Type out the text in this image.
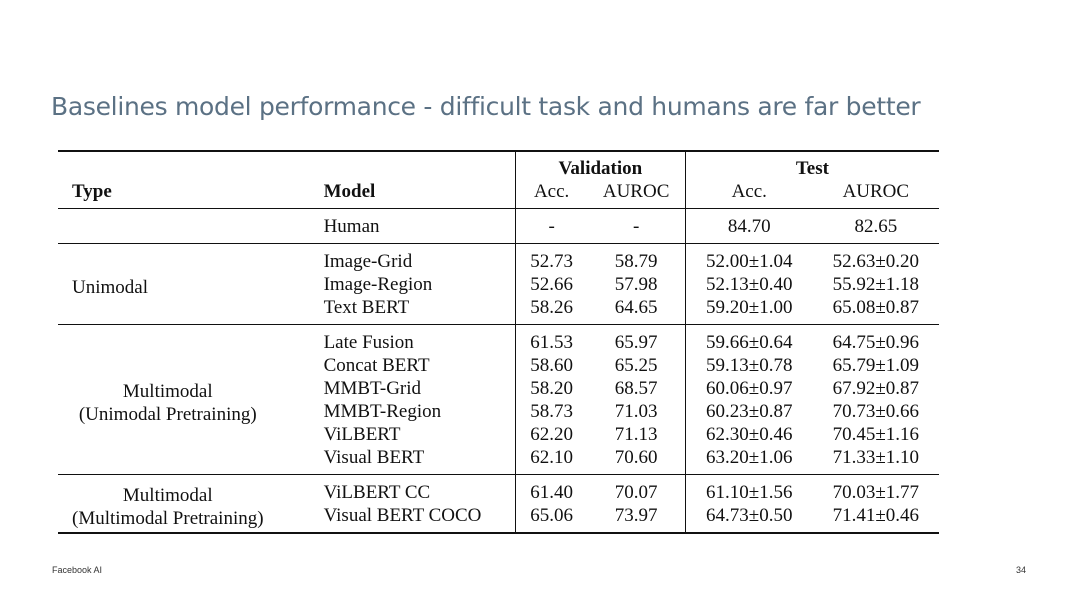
Baselines model performance - difficult task and humans are far better
		Validation		Test	
Type	Model	Acc.	AUROC	Acc.	AUROC
	Human	-	-	84.70	82.65
Unimodal	Image-Grid	52.73	58.79	52.00±1.04	52.63±0.20
	Image-Region	52.66	57.98	52.13±0.40	55.92±1.18
	Text BERT	58.26	64.65	59.20±1.00	65.08±0.87
Multimodal
(Unimodal Pretraining)	Late Fusion	61.53	65.97	59.66±0.64	64.75±0.96
	Concat BERT	58.60	65.25	59.13±0.78	65.79±1.09
	MMBT-Grid	58.20	68.57	60.06±0.97	67.92±0.87
	MMBT-Region	58.73	71.03	60.23±0.87	70.73±0.66
	ViLBERT	62.20	71.13	62.30±0.46	70.45±1.16
	Visual BERT	62.10	70.60	63.20±1.06	71.33±1.10
Multimodal
(Multimodal Pretraining)	ViLBERT CC	61.40	70.07	61.10±1.56	70.03±1.77
	Visual BERT COCO	65.06	73.97	64.73±0.50	71.41±0.46
Facebook AI	34
